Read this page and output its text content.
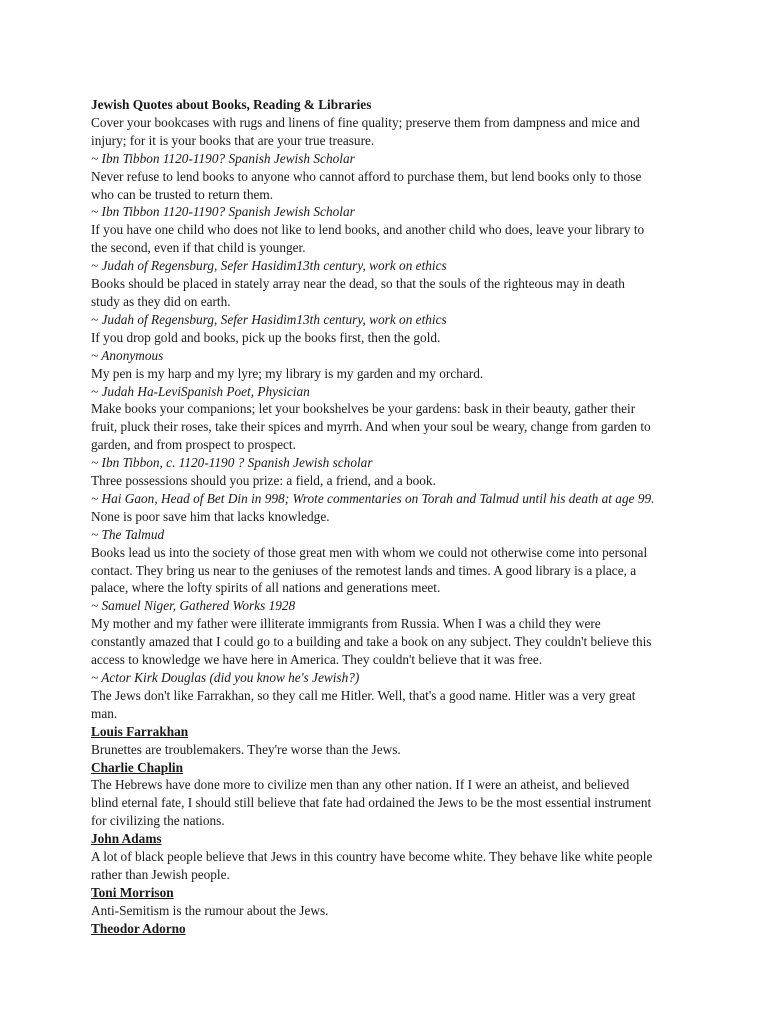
Jewish Quotes about Books, Reading & Libraries

Cover your bookcases with rugs and linens of fine quality; preserve them from dampness and mice and

injury; for it is your books that are your true treasure.

~ Ibn Tibbon 1120-1190? Spanish Jewish Scholar

Never refuse to lend books to anyone who cannot afford to purchase them, but lend books only to those

who can be trusted to return them.

~ Ibn Tibbon 1120-1190? Spanish Jewish Scholar

If you have one child who does not like to lend books, and another child who does, leave your library to

the second, even if that child is younger.

~ Judah of Regensburg, Sefer Hasidim13th century, work on ethics

Books should be placed in stately array near the dead, so that the souls of the righteous may in death

study as they did on earth.

~ Judah of Regensburg, Sefer Hasidim13th century, work on ethics

If you drop gold and books, pick up the books first, then the gold.

~ Anonymous

My pen is my harp and my lyre; my library is my garden and my orchard.

~ Judah Ha-LeviSpanish Poet, Physician

Make books your companions; let your bookshelves be your gardens: bask in their beauty, gather their

fruit, pluck their roses, take their spices and myrrh. And when your soul be weary, change from garden to

garden, and from prospect to prospect.

~ Ibn Tibbon, c. 1120-1190 ? Spanish Jewish scholar

Three possessions should you prize: a field, a friend, and a book.

~ Hai Gaon, Head of Bet Din in 998; Wrote commentaries on Torah and Talmud until his death at age 99.

None is poor save him that lacks knowledge.

~ The Talmud

Books lead us into the society of those great men with whom we could not otherwise come into personal

contact. They bring us near to the geniuses of the remotest lands and times. A good library is a place, a

palace, where the lofty spirits of all nations and generations meet.

~ Samuel Niger, Gathered Works 1928

My mother and my father were illiterate immigrants from Russia. When I was a child they were

constantly amazed that I could go to a building and take a book on any subject. They couldn't believe this

access to knowledge we have here in America. They couldn't believe that it was free.

~ Actor Kirk Douglas (did you know he's Jewish?)

The Jews don't like Farrakhan, so they call me Hitler. Well, that's a good name. Hitler was a very great

man.

Louis Farrakhan

Brunettes are troublemakers. They're worse than the Jews.

Charlie Chaplin

The Hebrews have done more to civilize men than any other nation. If I were an atheist, and believed

blind eternal fate, I should still believe that fate had ordained the Jews to be the most essential instrument

for civilizing the nations.

John Adams

A lot of black people believe that Jews in this country have become white. They behave like white people

rather than Jewish people.

Toni Morrison

Anti-Semitism is the rumour about the Jews.

Theodor Adorno
